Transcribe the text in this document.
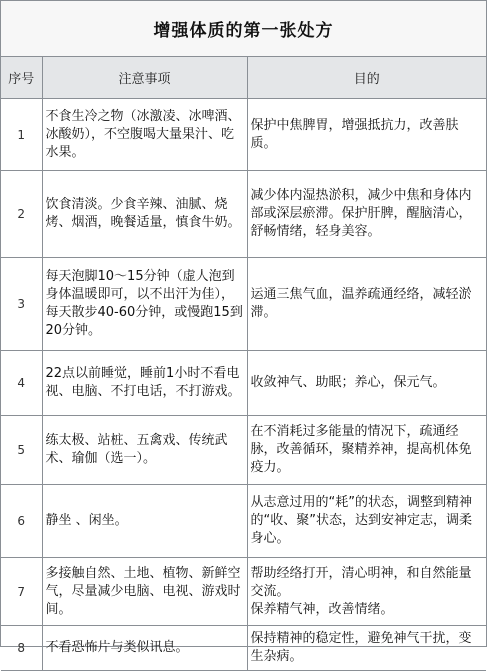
增强体质的第一张处方
序号	注意事项	目的
1	不食生冷之物（冰激凌、冰啤酒、冰酸奶），不空腹喝大量果汁、吃水果。	保护中焦脾胃，增强抵抗力，改善肤质。
2	饮食清淡。少食辛辣、油腻、烧烤、烟酒，晚餐适量，慎食牛奶。	减少体内湿热淤积，减少中焦和身体内部或深层瘀滞。保护肝脾，醒脑清心，舒畅情绪，轻身美容。
3	每天泡脚10～15分钟（虚人泡到身体温暖即可，以不出汗为佳），每天散步40-60分钟，或慢跑15到20分钟。	运通三焦气血，温养疏通经络，减轻淤滞。
4	22点以前睡觉，睡前1小时不看电视、电脑、不打电话，不打游戏。	收敛神气、助眠；养心，保元气。
5	练太极、站桩、五禽戏、传统武术、瑜伽（选一）。	在不消耗过多能量的情况下，疏通经脉，改善循环，聚精养神，提高机体免疫力。
6	静坐 、闲坐。	从志意过用的“耗”的状态，调整到精神的“收、聚”状态，达到安神定志，调柔身心。
7	多接触自然、土地、植物、新鲜空气，尽量减少电脑、电视、游戏时间。	帮助经络打开，清心明神，和自然能量交流。
保养精气神，改善情绪。
8	不看恐怖片与类似讯息。	保持精神的稳定性，避免神气干扰，变生杂病。
